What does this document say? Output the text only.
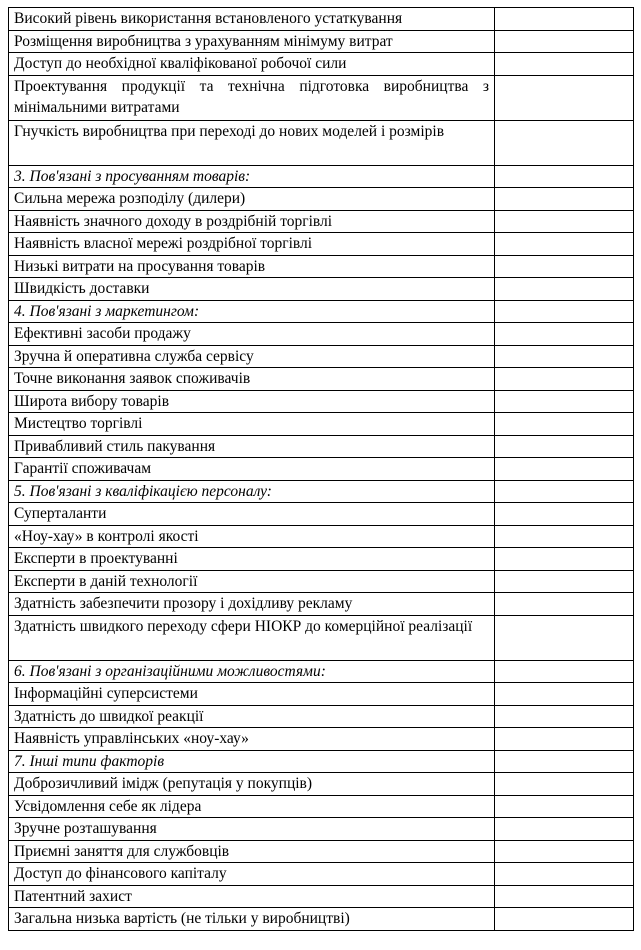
Високий рівень використання встановленого устаткування	
Розміщення виробництва з урахуванням мінімуму витрат	
Доступ до необхідної кваліфікованої робочої сили	
Проектування продукції та технічна підготовка виробництва з мінімальними витратами	
Гнучкість виробництва при переході до нових моделей і розмірів	
3. Пов'язані з просуванням товарів:	
Сильна мережа розподілу (дилери)	
Наявність значного доходу в роздрібній торгівлі	
Наявність власної мережі роздрібної торгівлі	
Низькі витрати на просування товарів	
Швидкість доставки	
4. Пов'язані з маркетингом:	
Ефективні засоби продажу	
Зручна й оперативна служба сервісу	
Точне виконання заявок споживачів	
Широта вибору товарів	
Мистецтво торгівлі	
Привабливий стиль пакування	
Гарантії споживачам	
5. Пов'язані з кваліфікацією персоналу:	
Суперталанти	
«Ноу-хау» в контролі якості	
Експерти в проектуванні	
Експерти в даній технології	
Здатність забезпечити прозору і дохідливу рекламу	
Здатність швидкого переходу сфери НІОКР до комерційної реалізації	
6. Пов'язані з організаційними можливостями:	
Інформаційні суперсистеми	
Здатність до швидкої реакції	
Наявність управлінських «ноу-хау»	
7. Інші типи факторів	
Доброзичливий імідж (репутація у покупців)	
Усвідомлення себе як лідера	
Зручне розташування	
Приємні заняття для службовців	
Доступ до фінансового капіталу	
Патентний захист	
Загальна низька вартість (не тільки у виробництві)	
